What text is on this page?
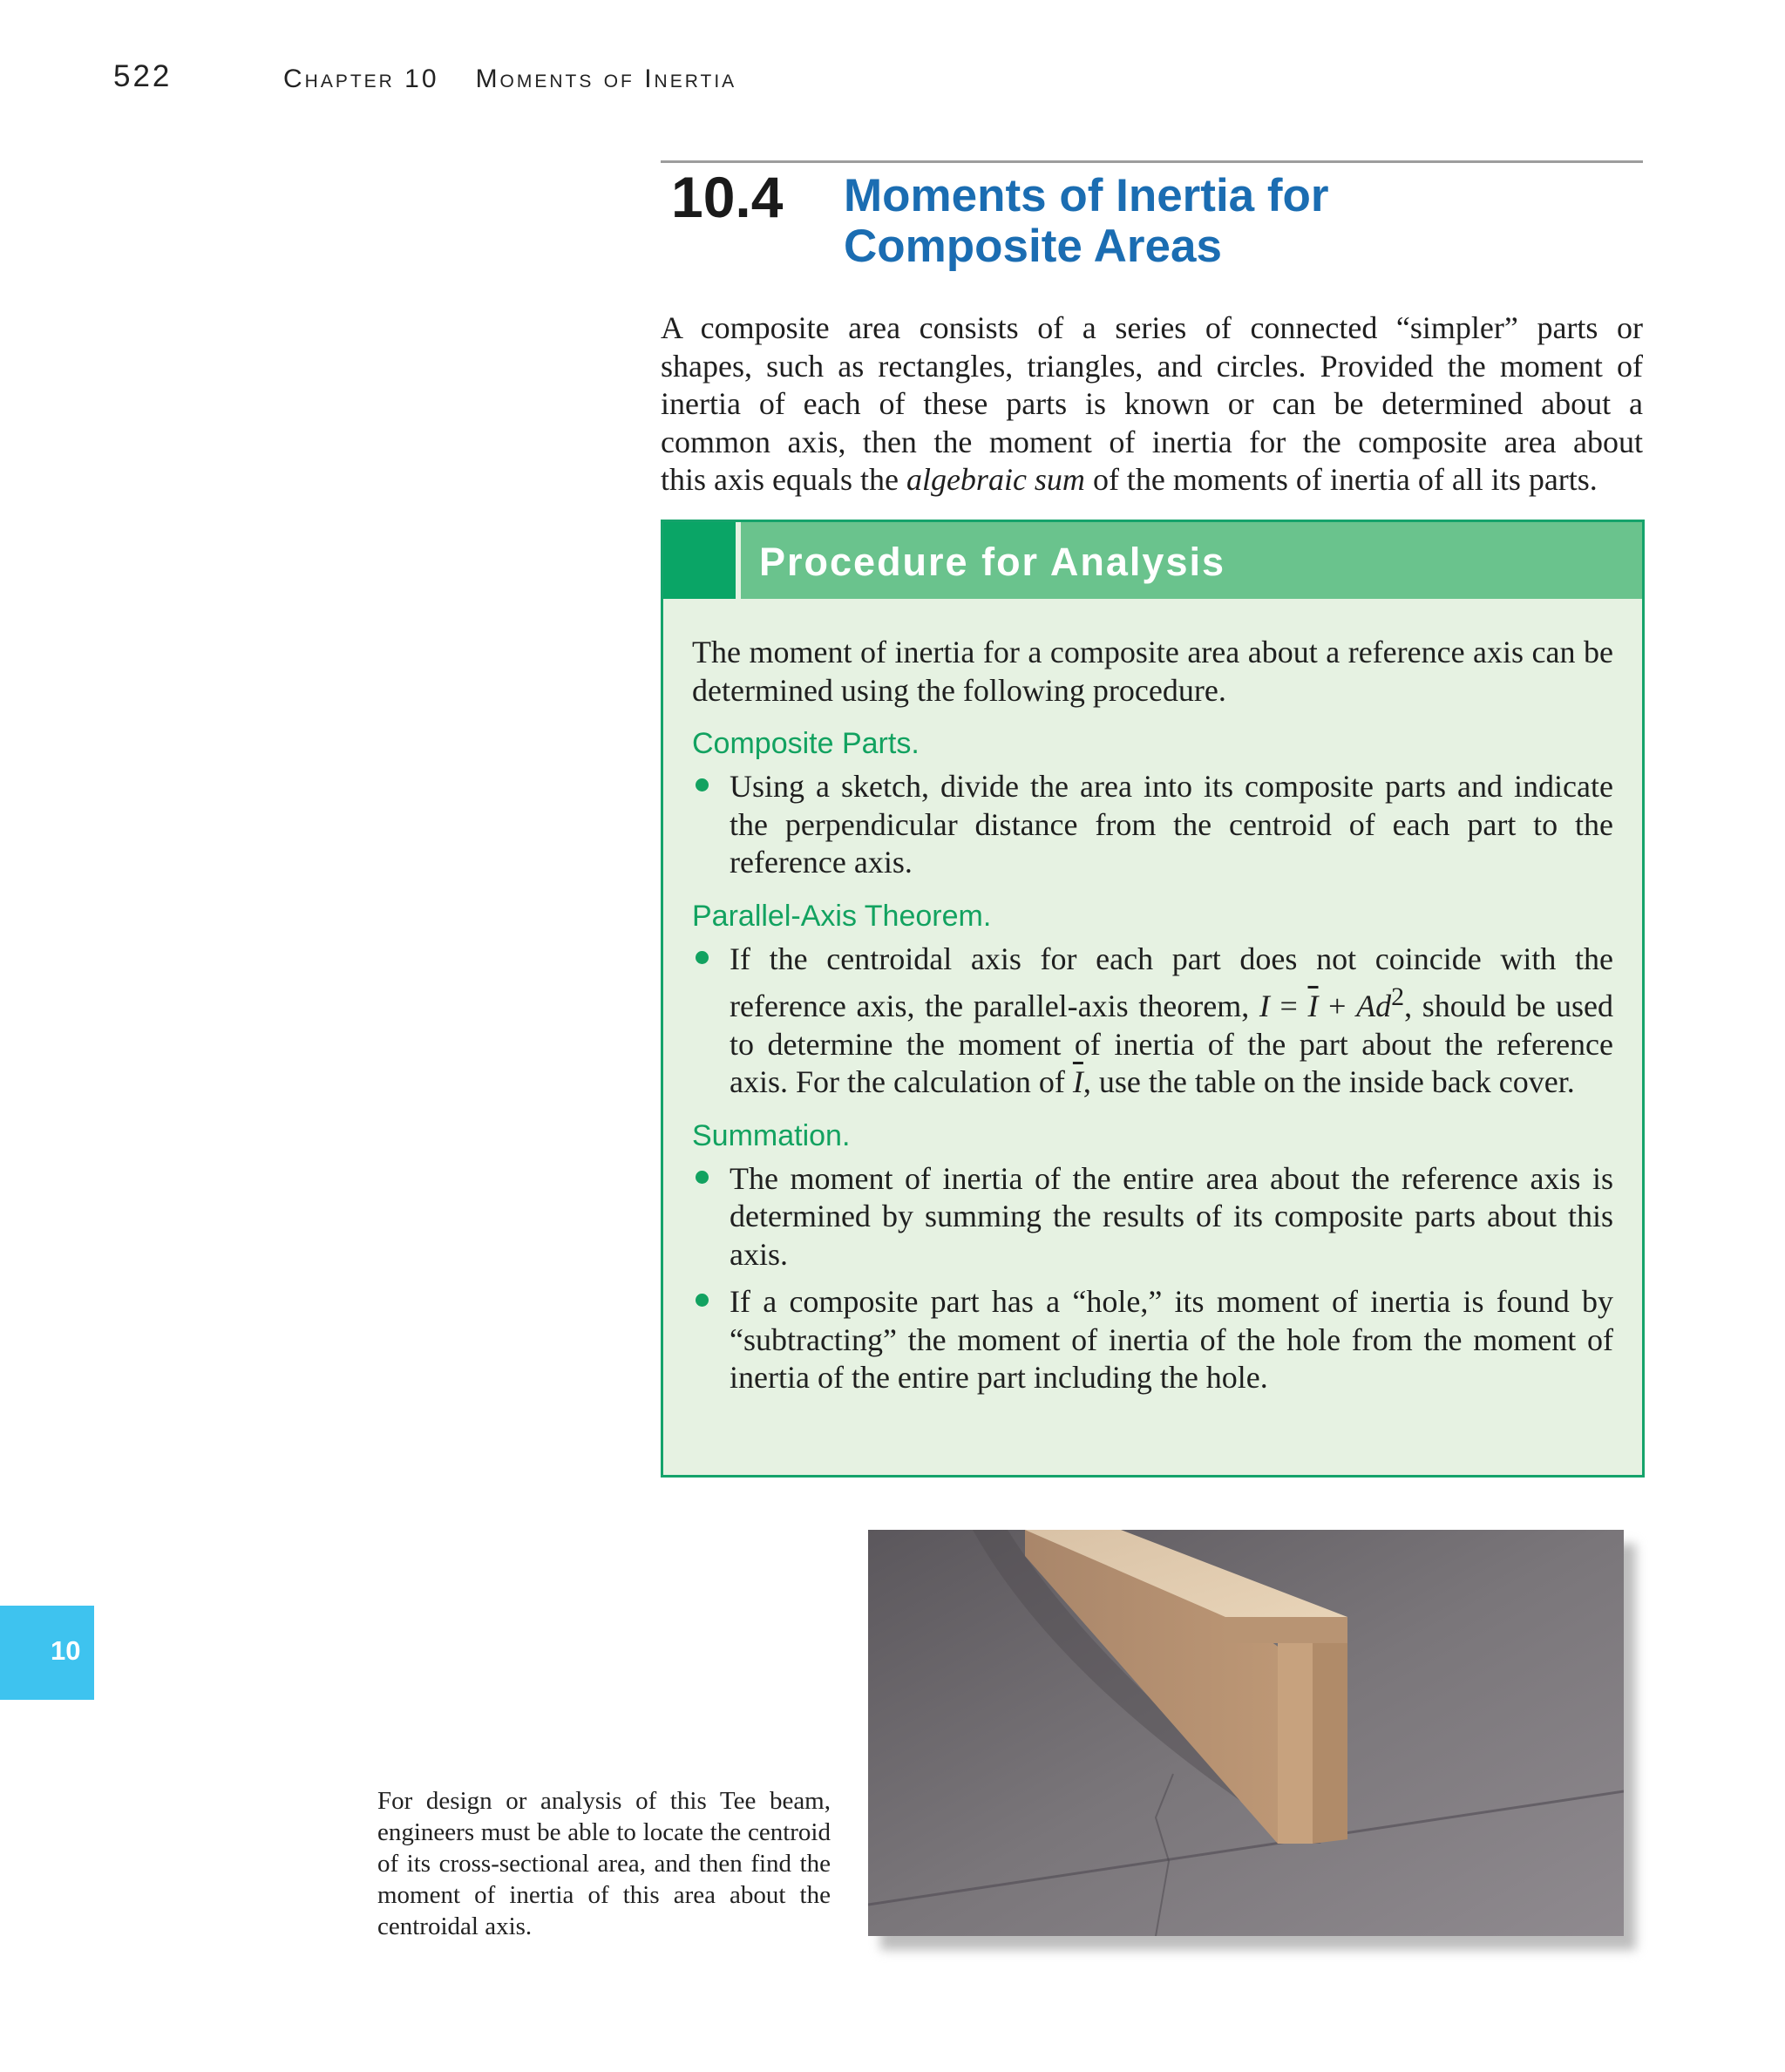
522	Chapter 10 Moments of Inertia
10.4 Moments of Inertia for
Composite Areas

A composite area consists of a series of connected “simpler” parts or
shapes, such as rectangles, triangles, and circles. Provided the moment of
inertia of each of these parts is known or can be determined about a
common axis, then the moment of inertia for the composite area about
this axis equals the algebraic sum of the moments of inertia of all its parts.

Procedure for Analysis

The moment of inertia for a composite area about a reference axis can be determined using the following procedure.

Composite Parts.
Using a sketch, divide the area into its composite parts and indicate the perpendicular distance from the centroid of each part to the reference axis.
Parallel-Axis Theorem.
If the centroidal axis for each part does not coincide with the reference axis, the parallel-axis theorem, $I = \overline{I} + Ad^2$, should be used to determine the moment of inertia of the part about the reference axis. For the calculation of $\overline{I}$, use the table on the inside back cover.
Summation.
The moment of inertia of the entire area about the reference axis is determined by summing the results of its composite parts about this axis.
If a composite part has a “hole,” its moment of inertia is found by “subtracting” the moment of inertia of the hole from the moment of inertia of the entire part including the hole.
10

For design or analysis of this Tee beam, engineers must be able to locate the centroid of its cross-sectional area, and then find the moment of inertia of this area about the centroidal axis.
